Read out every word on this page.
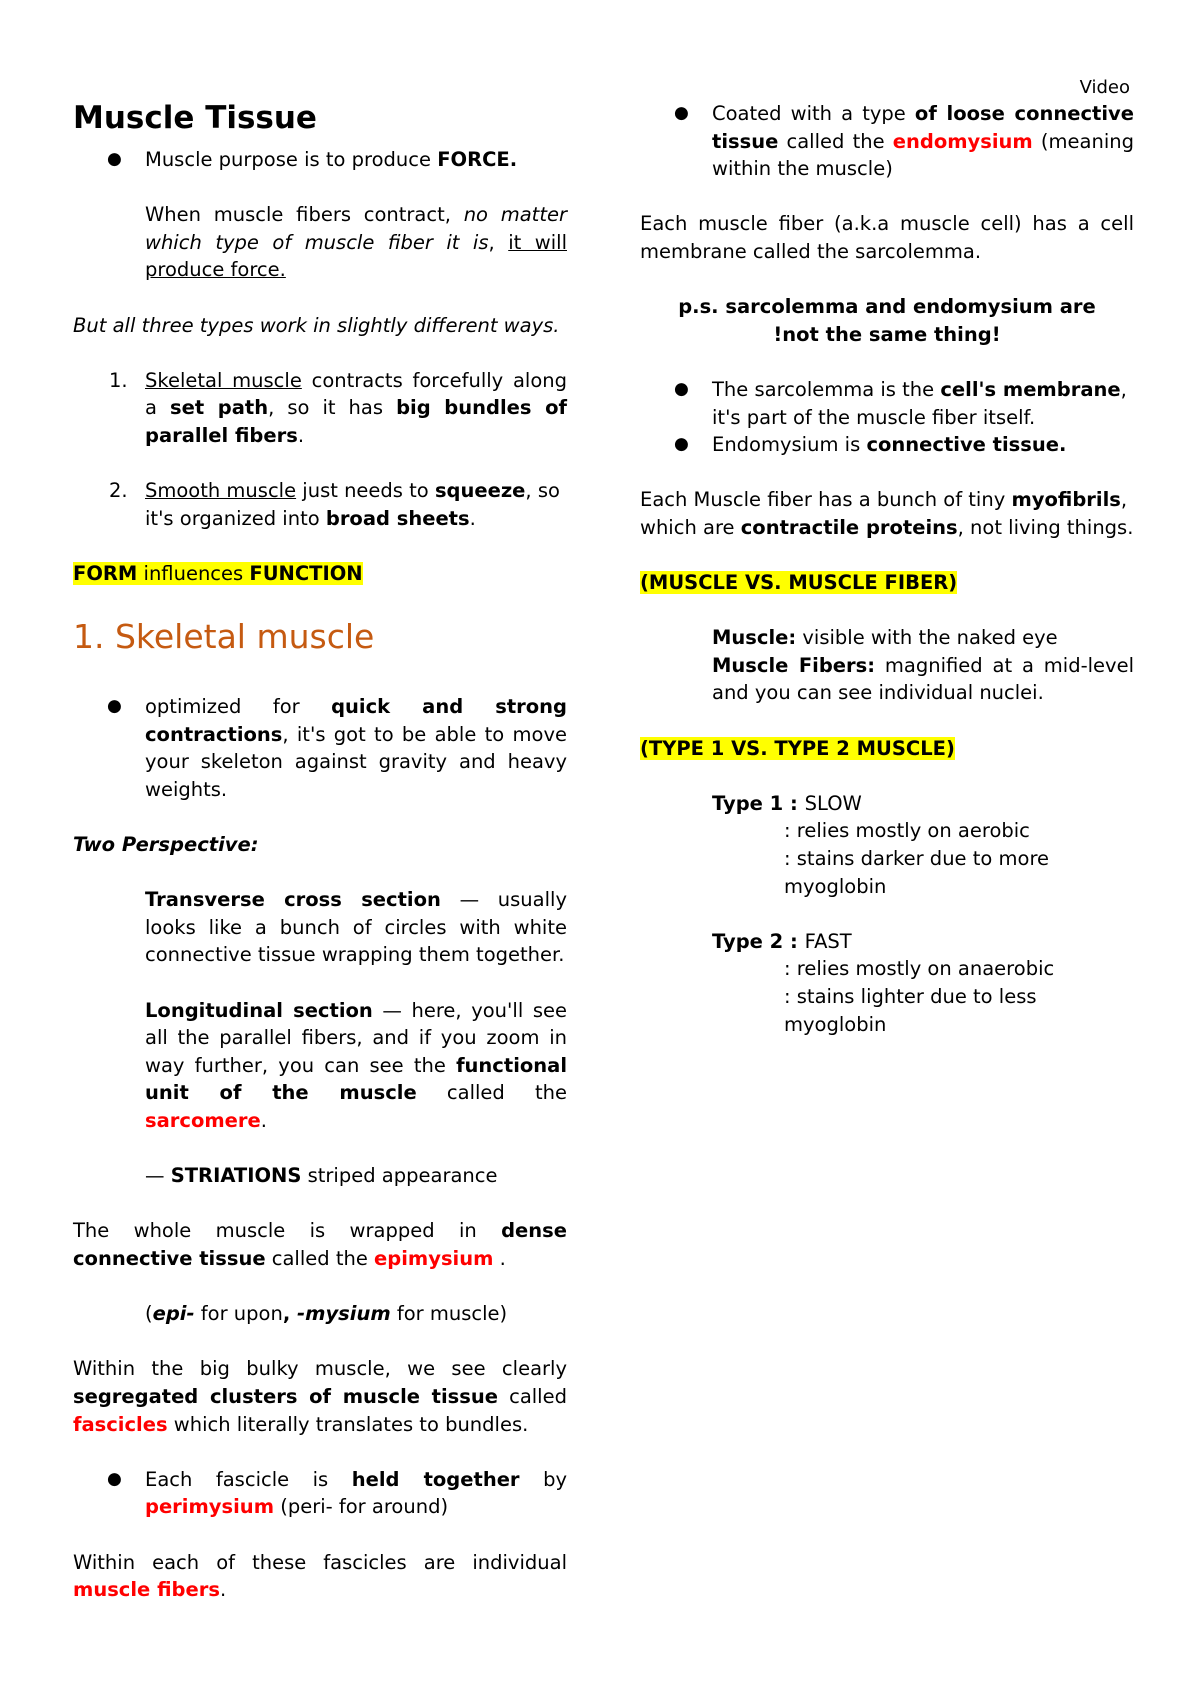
Video
Muscle Tissue
● Muscle purpose is to produce FORCE.

When muscle fibers contract, no matter which type of muscle fiber it is, it will produce force.

But all three types work in slightly different ways.

1. Skeletal muscle contracts forcefully along a set path, so it has big bundles of parallel fibers.
2. Smooth muscle just needs to squeeze, so it's organized into broad sheets.

FORM influences FUNCTION

1. Skeletal muscle
● optimized for quick and strong contractions, it's got to be able to move your skeleton against gravity and heavy weights.

Two Perspective:

Transverse cross section — usually looks like a bunch of circles with white connective tissue wrapping them together.

Longitudinal section — here, you'll see all the parallel fibers, and if you zoom in way further, you can see the functional unit of the muscle called the sarcomere.

— STRIATIONS striped appearance

The whole muscle is wrapped in dense connective tissue called the epimysium .

(epi- for upon, -mysium for muscle)

Within the big bulky muscle, we see clearly segregated clusters of muscle tissue called fascicles which literally translates to bundles.

● Each fascicle is held together by perimysium (peri- for around)

Within each of these fascicles are individual muscle fibers.

● Coated with a type of loose connective tissue called the endomysium (meaning within the muscle)

Each muscle fiber (a.k.a muscle cell) has a cell membrane called the sarcolemma.

p.s. sarcolemma and endomysium are
!not the same thing!

● The sarcolemma is the cell's membrane, it's part of the muscle fiber itself.
● Endomysium is connective tissue.

Each Muscle fiber has a bunch of tiny myofibrils, which are contractile proteins, not living things.

(MUSCLE VS. MUSCLE FIBER)

Muscle: visible with the naked eye
Muscle Fibers: magnified at a mid-level and you can see individual nuclei.

(TYPE 1 VS. TYPE 2 MUSCLE)

Type 1 : SLOW
: relies mostly on aerobic
: stains darker due to more
myoglobin
Type 2 : FAST
: relies mostly on anaerobic
: stains lighter due to less
myoglobin
